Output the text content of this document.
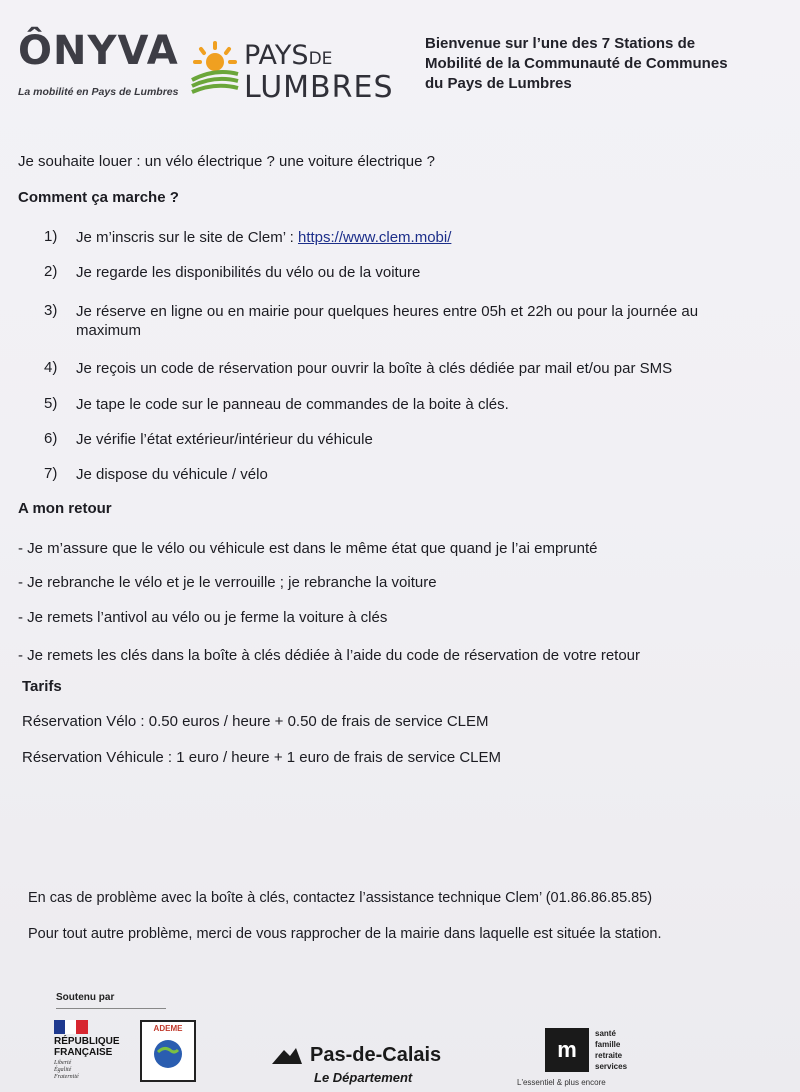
ÔNYVA
La mobilité en Pays de Lumbres
PAYSDE
LUMBRES
Bienvenue sur l’une des 7 Stations de
Mobilité de la Communauté de Communes
du Pays de Lumbres
Je souhaite louer : un vélo électrique ? une voiture électrique ?
Comment ça marche ?
1) Je m’inscris sur le site de Clem’ : https://www.clem.mobi/
2) Je regarde les disponibilités du vélo ou de la voiture
3) Je réserve en ligne ou en mairie pour quelques heures entre 05h et 22h ou pour la journée au
maximum
4) Je reçois un code de réservation pour ouvrir la boîte à clés dédiée par mail et/ou par SMS
5) Je tape le code sur le panneau de commandes de la boite à clés.
6) Je vérifie l’état extérieur/intérieur du véhicule
7) Je dispose du véhicule / vélo
A mon retour
- Je m’assure que le vélo ou véhicule est dans le même état que quand je l’ai emprunté
- Je rebranche le vélo et je le verrouille ; je rebranche la voiture
- Je remets l’antivol au vélo ou je ferme la voiture à clés
- Je remets les clés dans la boîte à clés dédiée à l’aide du code de réservation de votre retour
Tarifs
Réservation Vélo : 0.50 euros / heure + 0.50 de frais de service CLEM
Réservation Véhicule : 1 euro / heure + 1 euro de frais de service CLEM
En cas de problème avec la boîte à clés, contactez l’assistance technique Clem’ (01.86.86.85.85)
Pour tout autre problème, merci de vous rapprocher de la mairie dans laquelle est située la station.
Soutenu par
RÉPUBLIQUE
FRANÇAISE
Liberté
Égalité
Fraternité
ADEME
Pas-de-Calais
Le Département
m
santé
famille
retraite
services
L'essentiel & plus encore
